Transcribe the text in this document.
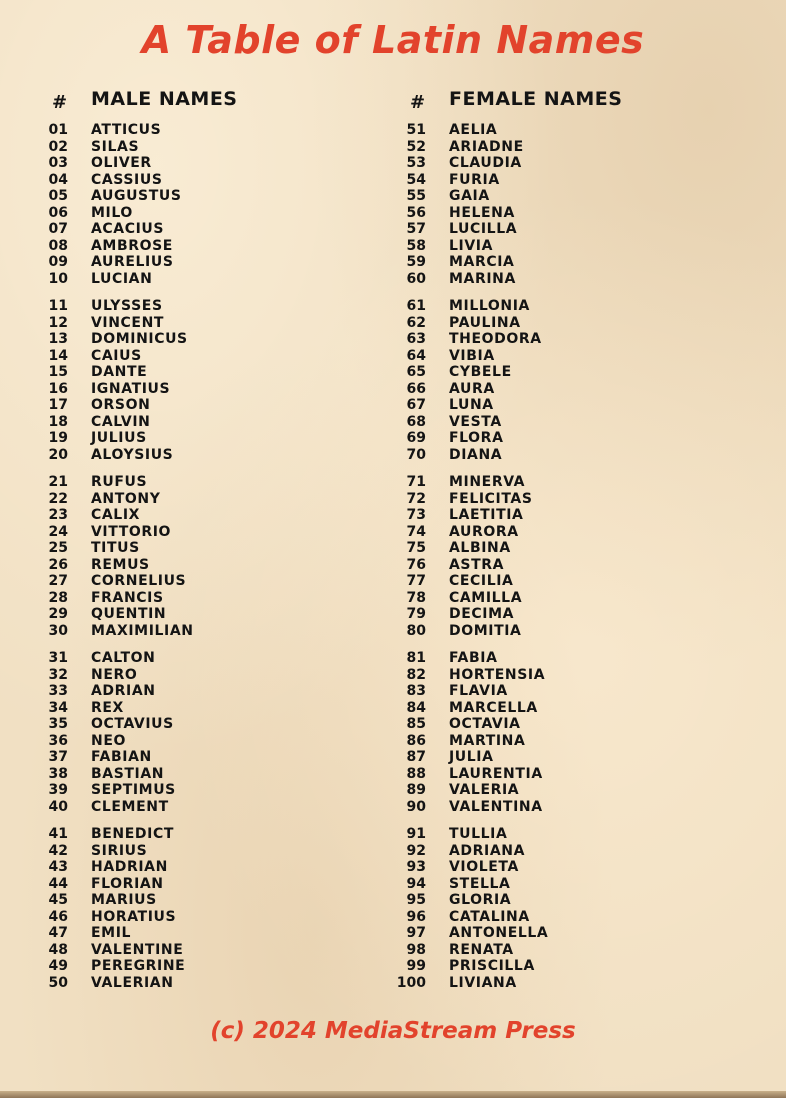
A Table of Latin Names
# MALE NAMES	# FEMALE NAMES
01 ATTICUS
02 SILAS
03 OLIVER
04 CASSIUS
05 AUGUSTUS
06 MILO
07 ACACIUS
08 AMBROSE
09 AURELIUS
10 LUCIAN
11 ULYSSES
12 VINCENT
13 DOMINICUS
14 CAIUS
15 DANTE
16 IGNATIUS
17 ORSON
18 CALVIN
19 JULIUS
20 ALOYSIUS
21 RUFUS
22 ANTONY
23 CALIX
24 VITTORIO
25 TITUS
26 REMUS
27 CORNELIUS
28 FRANCIS
29 QUENTIN
30 MAXIMILIAN
31 CALTON
32 NERO
33 ADRIAN
34 REX
35 OCTAVIUS
36 NEO
37 FABIAN
38 BASTIAN
39 SEPTIMUS
40 CLEMENT
41 BENEDICT
42 SIRIUS
43 HADRIAN
44 FLORIAN
45 MARIUS
46 HORATIUS
47 EMIL
48 VALENTINE
49 PEREGRINE
50 VALERIAN
51 AELIA
52 ARIADNE
53 CLAUDIA
54 FURIA
55 GAIA
56 HELENA
57 LUCILLA
58 LIVIA
59 MARCIA
60 MARINA
61 MILLONIA
62 PAULINA
63 THEODORA
64 VIBIA
65 CYBELE
66 AURA
67 LUNA
68 VESTA
69 FLORA
70 DIANA
71 MINERVA
72 FELICITAS
73 LAETITIA
74 AURORA
75 ALBINA
76 ASTRA
77 CECILIA
78 CAMILLA
79 DECIMA
80 DOMITIA
81 FABIA
82 HORTENSIA
83 FLAVIA
84 MARCELLA
85 OCTAVIA
86 MARTINA
87 JULIA
88 LAURENTIA
89 VALERIA
90 VALENTINA
91 TULLIA
92 ADRIANA
93 VIOLETA
94 STELLA
95 GLORIA
96 CATALINA
97 ANTONELLA
98 RENATA
99 PRISCILLA
100 LIVIANA
(c) 2024 MediaStream Press
